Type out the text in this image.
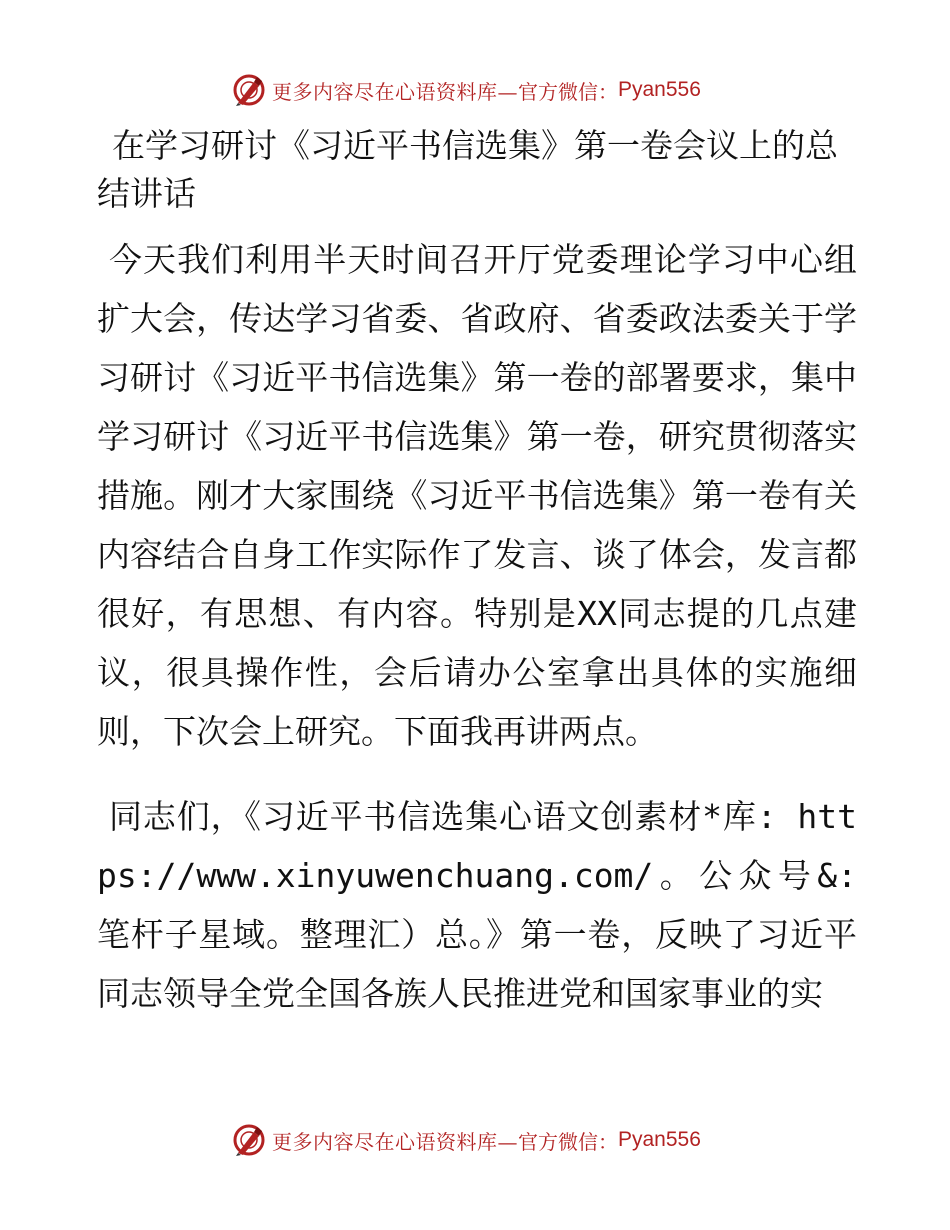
更多内容尽在心语资料库— 官方微信： Pyan556
在学习研讨《习近平书信选集》第一卷会议上的总结讲话

今天我们利用半天时间召开厅党委理论学习中心组扩大会，传达学习省委、省政府、省委政法委关于学习研讨《习近平书信选集》第一卷的部署要求，集中学习研讨《习近平书信选集》第一卷，研究贯彻落实措施。刚才大家围绕《习近平书信选集》第一卷有关内容结合自身工作实际作了发言、谈了体会，发言都很好，有思想、有内容。特别是XX同志提的几点建议，很具操作性，会后请办公室拿出具体的实施细则，下次会上研究。下面我再讲两点。

同志们，《习近平书信选集心语文创素材*库: https://www.xinyuwenchuang.com/。公众号&: 笔杆子星域。整理汇）总。》第一卷，反映了习近平同志领导全党全国各族人民推进党和国家事业的实

更多内容尽在心语资料库— 官方微信： Pyan556
